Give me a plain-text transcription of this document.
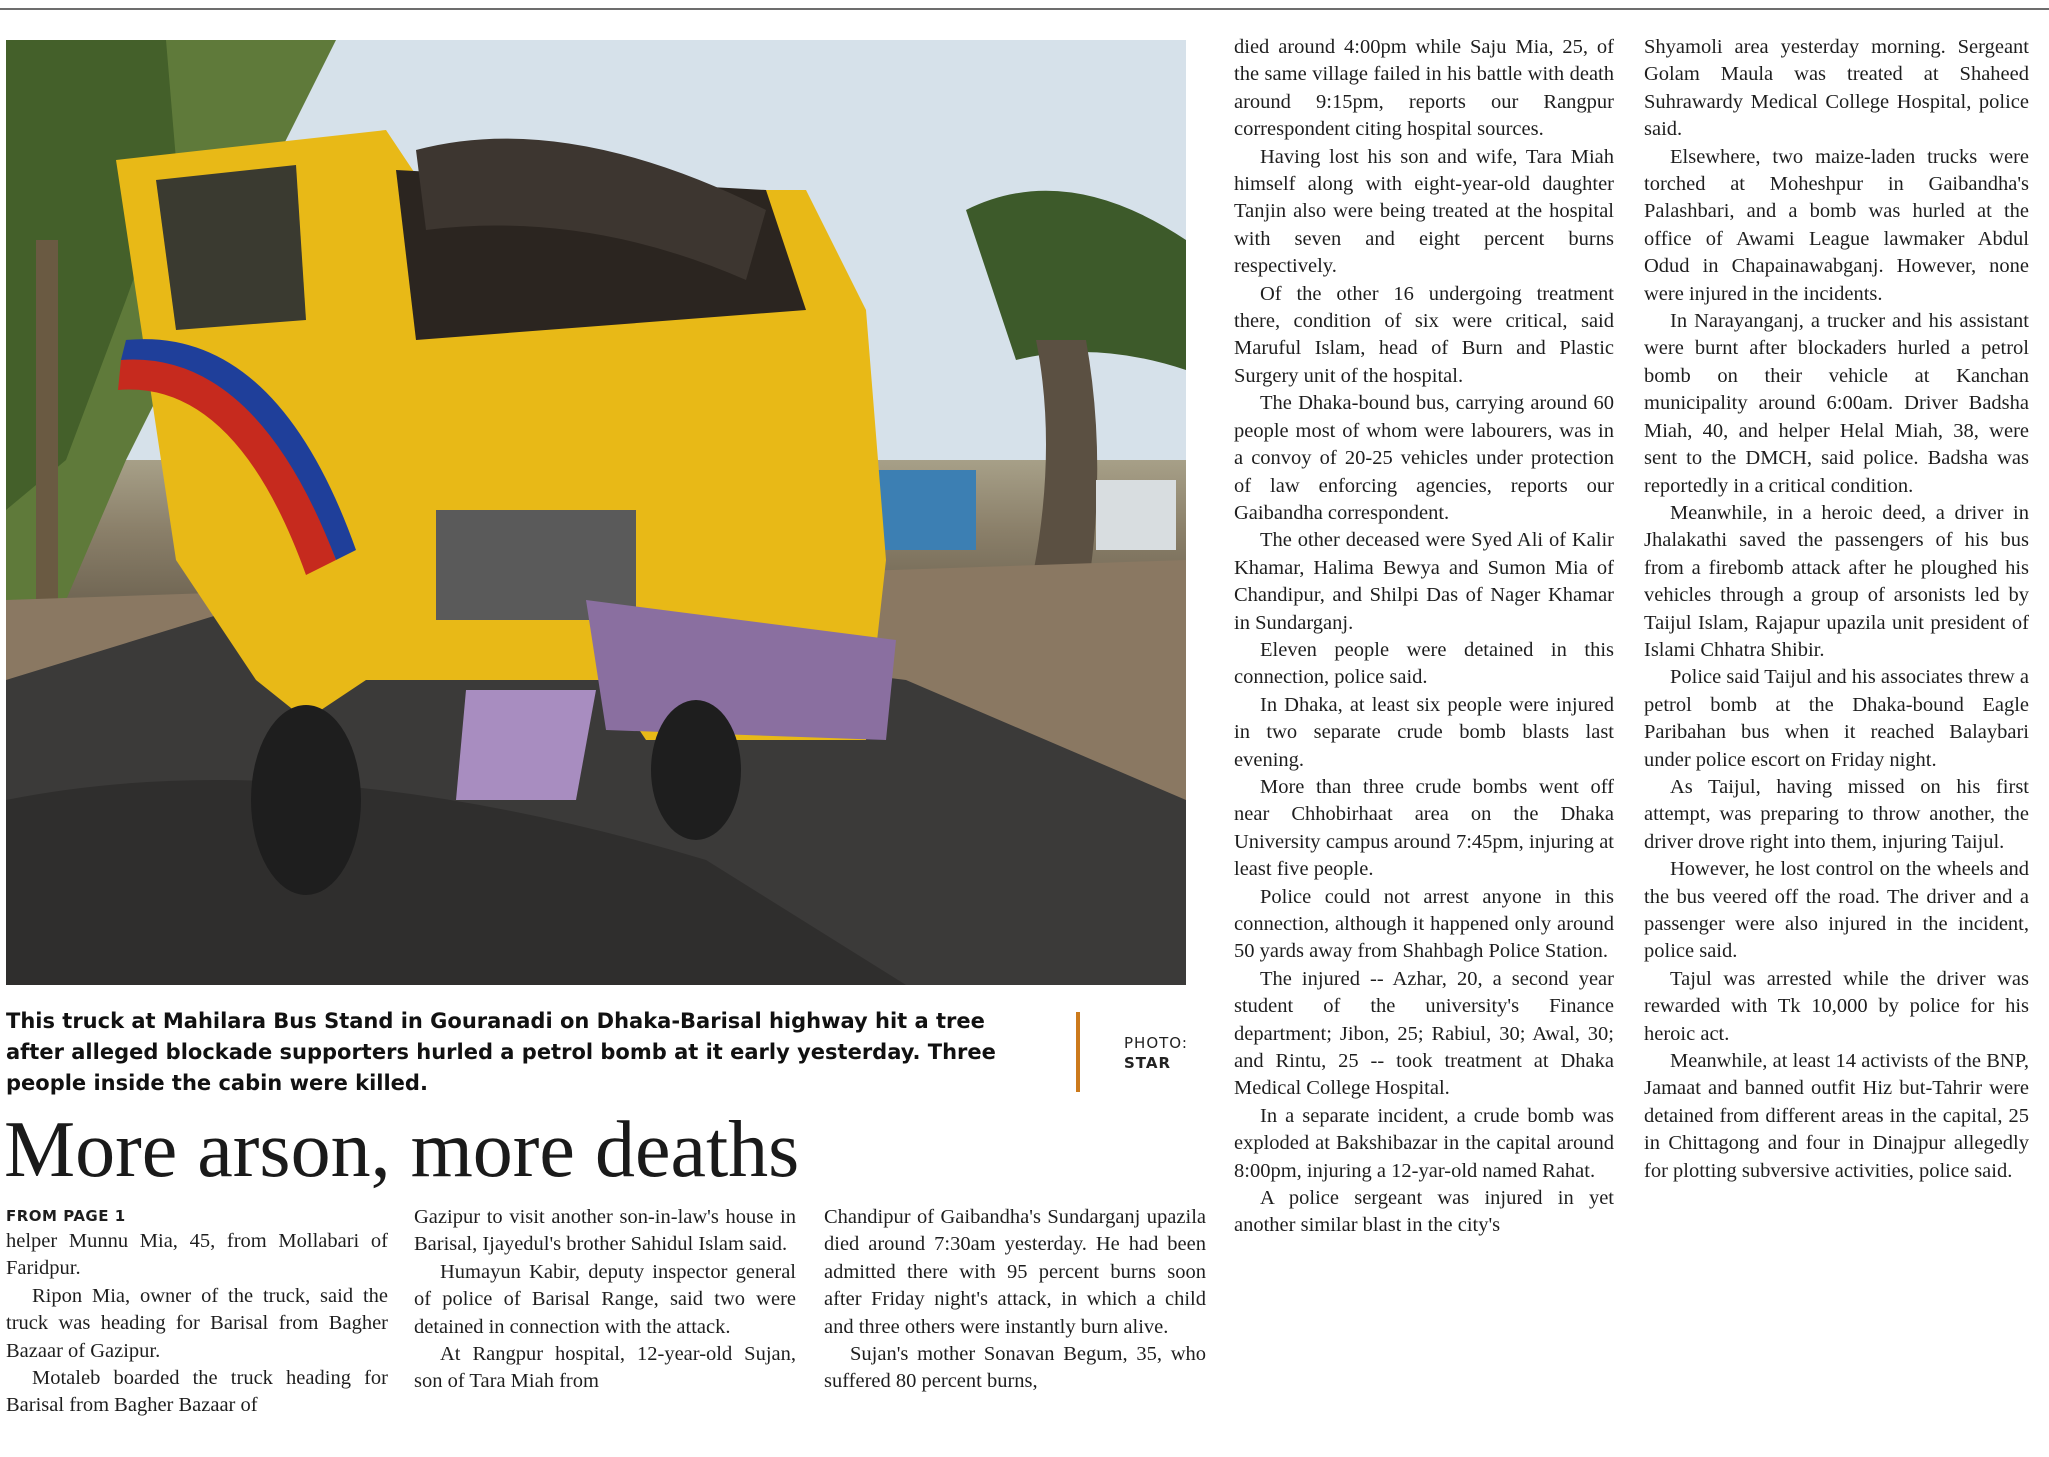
This truck at Mahilara Bus Stand in Gouranadi on Dhaka-Barisal highway hit a tree after alleged blockade supporters hurled a petrol bomb at it early yesterday. Three people inside the cabin were killed.

PHOTO:
STAR
More arson, more deaths
FROM PAGE 1

helper Munnu Mia, 45, from Mollabari of Faridpur.

Ripon Mia, owner of the truck, said the truck was heading for Barisal from Bagher Bazaar of Gazipur.

Motaleb boarded the truck heading for Barisal from Bagher Bazaar of

Gazipur to visit another son-in-law's house in Barisal, Ijayedul's brother Sahidul Islam said.

Humayun Kabir, deputy inspector general of police of Barisal Range, said two were detained in connection with the attack.

At Rangpur hospital, 12-year-old Sujan, son of Tara Miah from

Chandipur of Gaibandha's Sundarganj upazila died around 7:30am yesterday. He had been admitted there with 95 percent burns soon after Friday night's attack, in which a child and three others were instantly burn alive.

Sujan's mother Sonavan Begum, 35, who suffered 80 percent burns,

died around 4:00pm while Saju Mia, 25, of the same village failed in his battle with death around 9:15pm, reports our Rangpur correspondent citing hospital sources.

Having lost his son and wife, Tara Miah himself along with eight-year-old daughter Tanjin also were being treated at the hospital with seven and eight percent burns respectively.

Of the other 16 undergoing treatment there, condition of six were critical, said Maruful Islam, head of Burn and Plastic Surgery unit of the hospital.

The Dhaka-bound bus, carrying around 60 people most of whom were labourers, was in a convoy of 20-25 vehicles under protection of law enforcing agencies, reports our Gaibandha correspondent.

The other deceased were Syed Ali of Kalir Khamar, Halima Bewya and Sumon Mia of Chandipur, and Shilpi Das of Nager Khamar in Sundarganj.

Eleven people were detained in this connection, police said.

In Dhaka, at least six people were injured in two separate crude bomb blasts last evening.

More than three crude bombs went off near Chhobirhaat area on the Dhaka University campus around 7:45pm, injuring at least five people.

Police could not arrest anyone in this connection, although it happened only around 50 yards away from Shahbagh Police Station.

The injured -- Azhar, 20, a second year student of the university's Finance department; Jibon, 25; Rabiul, 30; Awal, 30; and Rintu, 25 -- took treatment at Dhaka Medical College Hospital.

In a separate incident, a crude bomb was exploded at Bakshibazar in the capital around 8:00pm, injuring a 12-yar-old named Rahat.

A police sergeant was injured in yet another similar blast in the city's

Shyamoli area yesterday morning. Sergeant Golam Maula was treated at Shaheed Suhrawardy Medical College Hospital, police said.

Elsewhere, two maize-laden trucks were torched at Moheshpur in Gaibandha's Palashbari, and a bomb was hurled at the office of Awami League lawmaker Abdul Odud in Chapainawabganj. However, none were injured in the incidents.

In Narayanganj, a trucker and his assistant were burnt after blockaders hurled a petrol bomb on their vehicle at Kanchan municipality around 6:00am. Driver Badsha Miah, 40, and helper Helal Miah, 38, were sent to the DMCH, said police. Badsha was reportedly in a critical condition.

Meanwhile, in a heroic deed, a driver in Jhalakathi saved the passengers of his bus from a firebomb attack after he ploughed his vehicles through a group of arsonists led by Taijul Islam, Rajapur upazila unit president of Islami Chhatra Shibir.

Police said Taijul and his associates threw a petrol bomb at the Dhaka-bound Eagle Paribahan bus when it reached Balaybari under police escort on Friday night.

As Taijul, having missed on his first attempt, was preparing to throw another, the driver drove right into them, injuring Taijul.

However, he lost control on the wheels and the bus veered off the road. The driver and a passenger were also injured in the incident, police said.

Tajul was arrested while the driver was rewarded with Tk 10,000 by police for his heroic act.

Meanwhile, at least 14 activists of the BNP, Jamaat and banned outfit Hiz but-Tahrir were detained from different areas in the capital, 25 in Chittagong and four in Dinajpur allegedly for plotting subversive activities, police said.
